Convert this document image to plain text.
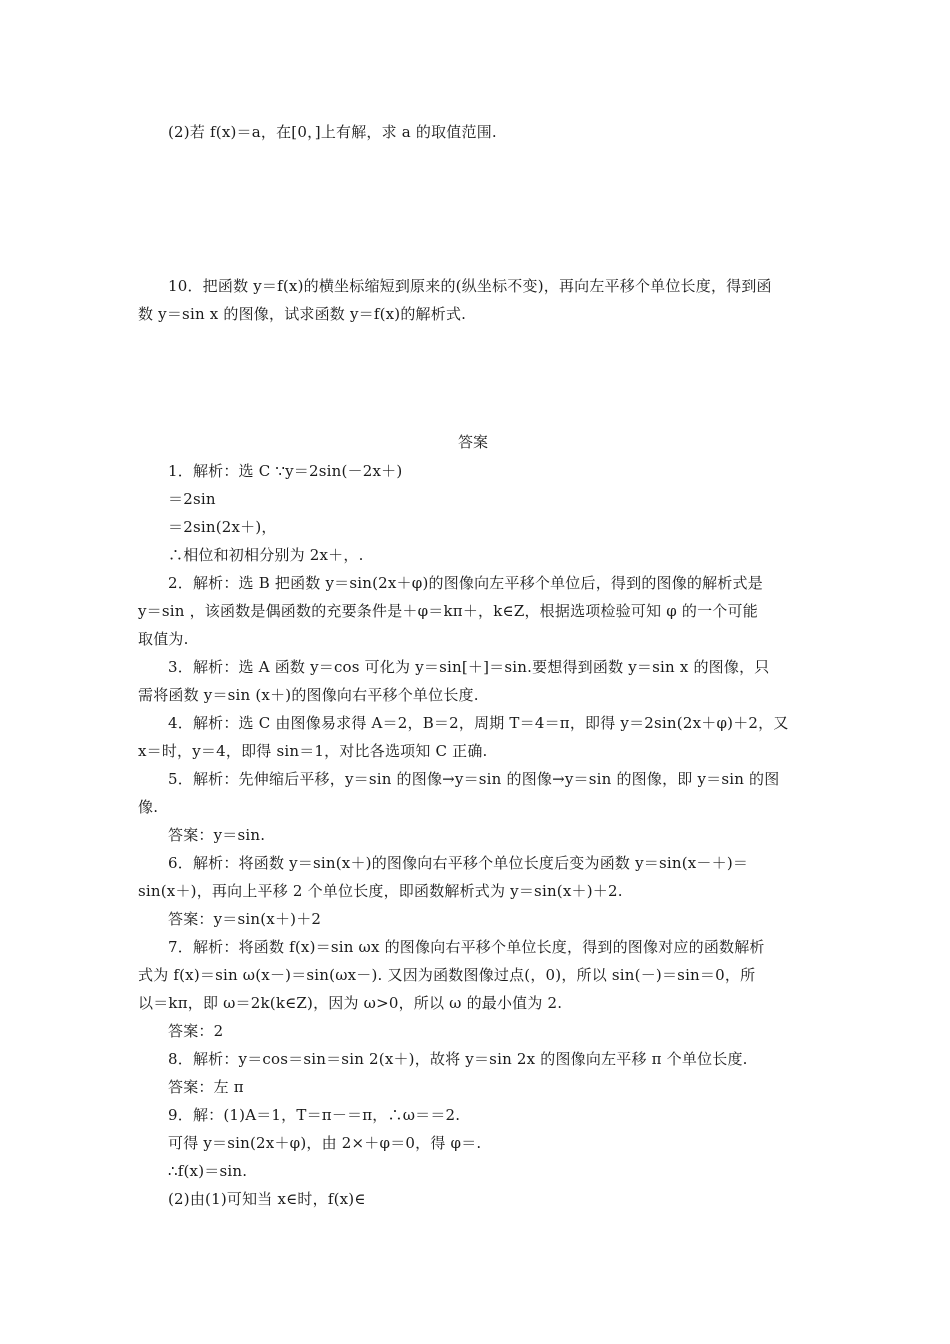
(2)若 f(x)＝a，在[0，]上有解，求 a 的取值范围.
10．把函数 y＝f(x)的横坐标缩短到原来的(纵坐标不变)，再向左平移个单位长度，得到函
数 y＝sin x 的图像，试求函数 y＝f(x)的解析式.
答案
1．解析：选 C ∵y＝2sin(－2x＋)
＝2sin
＝2sin(2x＋)，
∴相位和初相分别为 2x＋，.
2．解析：选 B 把函数 y＝sin(2x＋φ)的图像向左平移个单位后，得到的图像的解析式是
y＝sin ，该函数是偶函数的充要条件是＋φ＝kπ＋，k∈Z，根据选项检验可知 φ 的一个可能
取值为.
3．解析：选 A 函数 y＝cos 可化为 y＝sin[＋]＝sin.要想得到函数 y＝sin x 的图像，只
需将函数 y＝sin (x＋)的图像向右平移个单位长度.
4．解析：选 C 由图像易求得 A＝2，B＝2，周期 T＝4＝π，即得 y＝2sin(2x＋φ)＋2，又
x＝时，y＝4，即得 sin＝1，对比各选项知 C 正确.
5．解析：先伸缩后平移，y＝sin 的图像→y＝sin 的图像→y＝sin 的图像，即 y＝sin 的图
像.
答案：y＝sin.
6．解析：将函数 y＝sin(x＋)的图像向右平移个单位长度后变为函数 y＝sin(x－＋)＝
sin(x＋)，再向上平移 2 个单位长度，即函数解析式为 y＝sin(x＋)＋2.
答案：y＝sin(x＋)＋2
7．解析：将函数 f(x)＝sin ωx 的图像向右平移个单位长度，得到的图像对应的函数解析
式为 f(x)＝sin ω(x－)＝sin(ωx－). 又因为函数图像过点(，0)，所以 sin(－)＝sin＝0，所
以＝kπ，即 ω＝2k(k∈Z)，因为 ω>0，所以 ω 的最小值为 2.
答案：2
8．解析：y＝cos＝sin＝sin 2(x＋)，故将 y＝sin 2x 的图像向左平移 π 个单位长度.
答案：左 π
9．解：(1)A＝1，T＝π－＝π，∴ω＝＝2.
可得 y＝sin(2x＋φ)，由 2×＋φ＝0，得 φ＝.
∴f(x)＝sin.
(2)由(1)可知当 x∈时，f(x)∈
